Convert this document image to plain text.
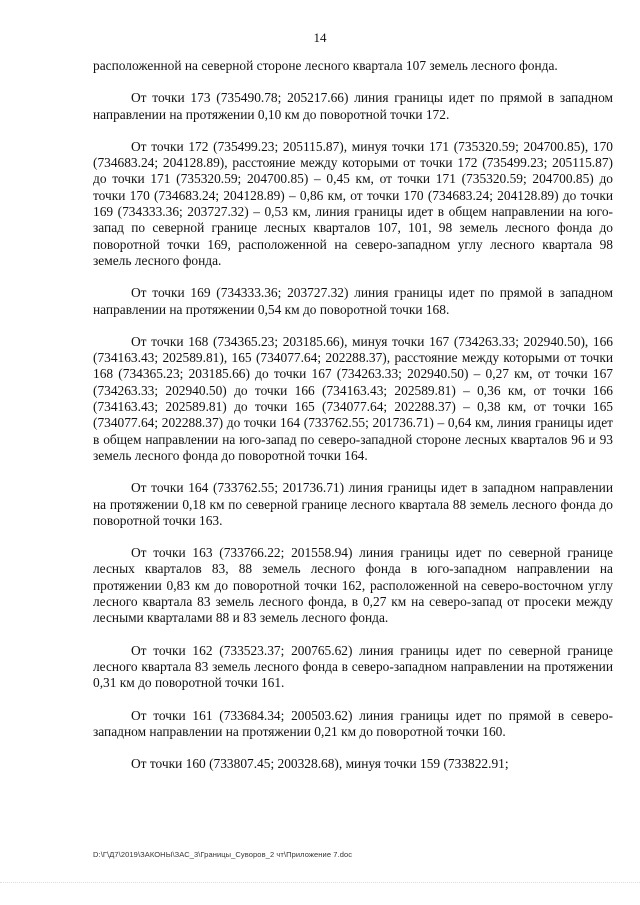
14

расположенной на северной стороне лесного квартала 107 земель лесного фонда.

От точки 173 (735490.78; 205217.66) линия границы идет по прямой в западном направлении на протяжении 0,10 км до поворотной точки 172.

От точки 172 (735499.23; 205115.87), минуя точки 171 (735320.59; 204700.85), 170 (734683.24; 204128.89), расстояние между которыми от точки 172 (735499.23; 205115.87) до точки 171 (735320.59; 204700.85) – 0,45 км, от точки 171 (735320.59; 204700.85) до точки 170 (734683.24; 204128.89) – 0,86 км, от точки 170 (734683.24; 204128.89) до точки 169 (734333.36; 203727.32) – 0,53 км, линия границы идет в общем направлении на юго-запад по северной границе лесных кварталов 107, 101, 98 земель лесного фонда до поворотной точки 169, расположенной на северо-западном углу лесного квартала 98 земель лесного фонда.

От точки 169 (734333.36; 203727.32) линия границы идет по прямой в западном направлении на протяжении 0,54 км до поворотной точки 168.

От точки 168 (734365.23; 203185.66), минуя точки 167 (734263.33; 202940.50), 166 (734163.43; 202589.81), 165 (734077.64; 202288.37), расстояние между которыми от точки 168 (734365.23; 203185.66) до точки 167 (734263.33; 202940.50) – 0,27 км, от точки 167 (734263.33; 202940.50) до точки 166 (734163.43; 202589.81) – 0,36 км, от точки 166 (734163.43; 202589.81) до точки 165 (734077.64; 202288.37) – 0,38 км, от точки 165 (734077.64; 202288.37) до точки 164 (733762.55; 201736.71) – 0,64 км, линия границы идет в общем направлении на юго-запад по северо-западной стороне лесных кварталов 96 и 93 земель лесного фонда до поворотной точки 164.

От точки 164 (733762.55; 201736.71) линия границы идет в западном направлении на протяжении 0,18 км по северной границе лесного квартала 88 земель лесного фонда до поворотной точки 163.

От точки 163 (733766.22; 201558.94) линия границы идет по северной границе лесных кварталов 83, 88 земель лесного фонда в юго-западном направлении на протяжении 0,83 км до поворотной точки 162, расположенной на северо-восточном углу лесного квартала 83 земель лесного фонда, в 0,27 км на северо-запад от просеки между лесными кварталами 88 и 83 земель лесного фонда.

От точки 162 (733523.37; 200765.62) линия границы идет по северной границе лесного квартала 83 земель лесного фонда в северо-западном направлении на протяжении 0,31 км до поворотной точки 161.

От точки 161 (733684.34; 200503.62) линия границы идет по прямой в северо-западном направлении на протяжении 0,21 км до поворотной точки 160.

От точки 160 (733807.45; 200328.68), минуя точки 159 (733822.91;

D:\Г\Д7\2019\ЗАКОНЫ\ЗАС_3\Границы_Суворов_2 чт\Приложение 7.doc
